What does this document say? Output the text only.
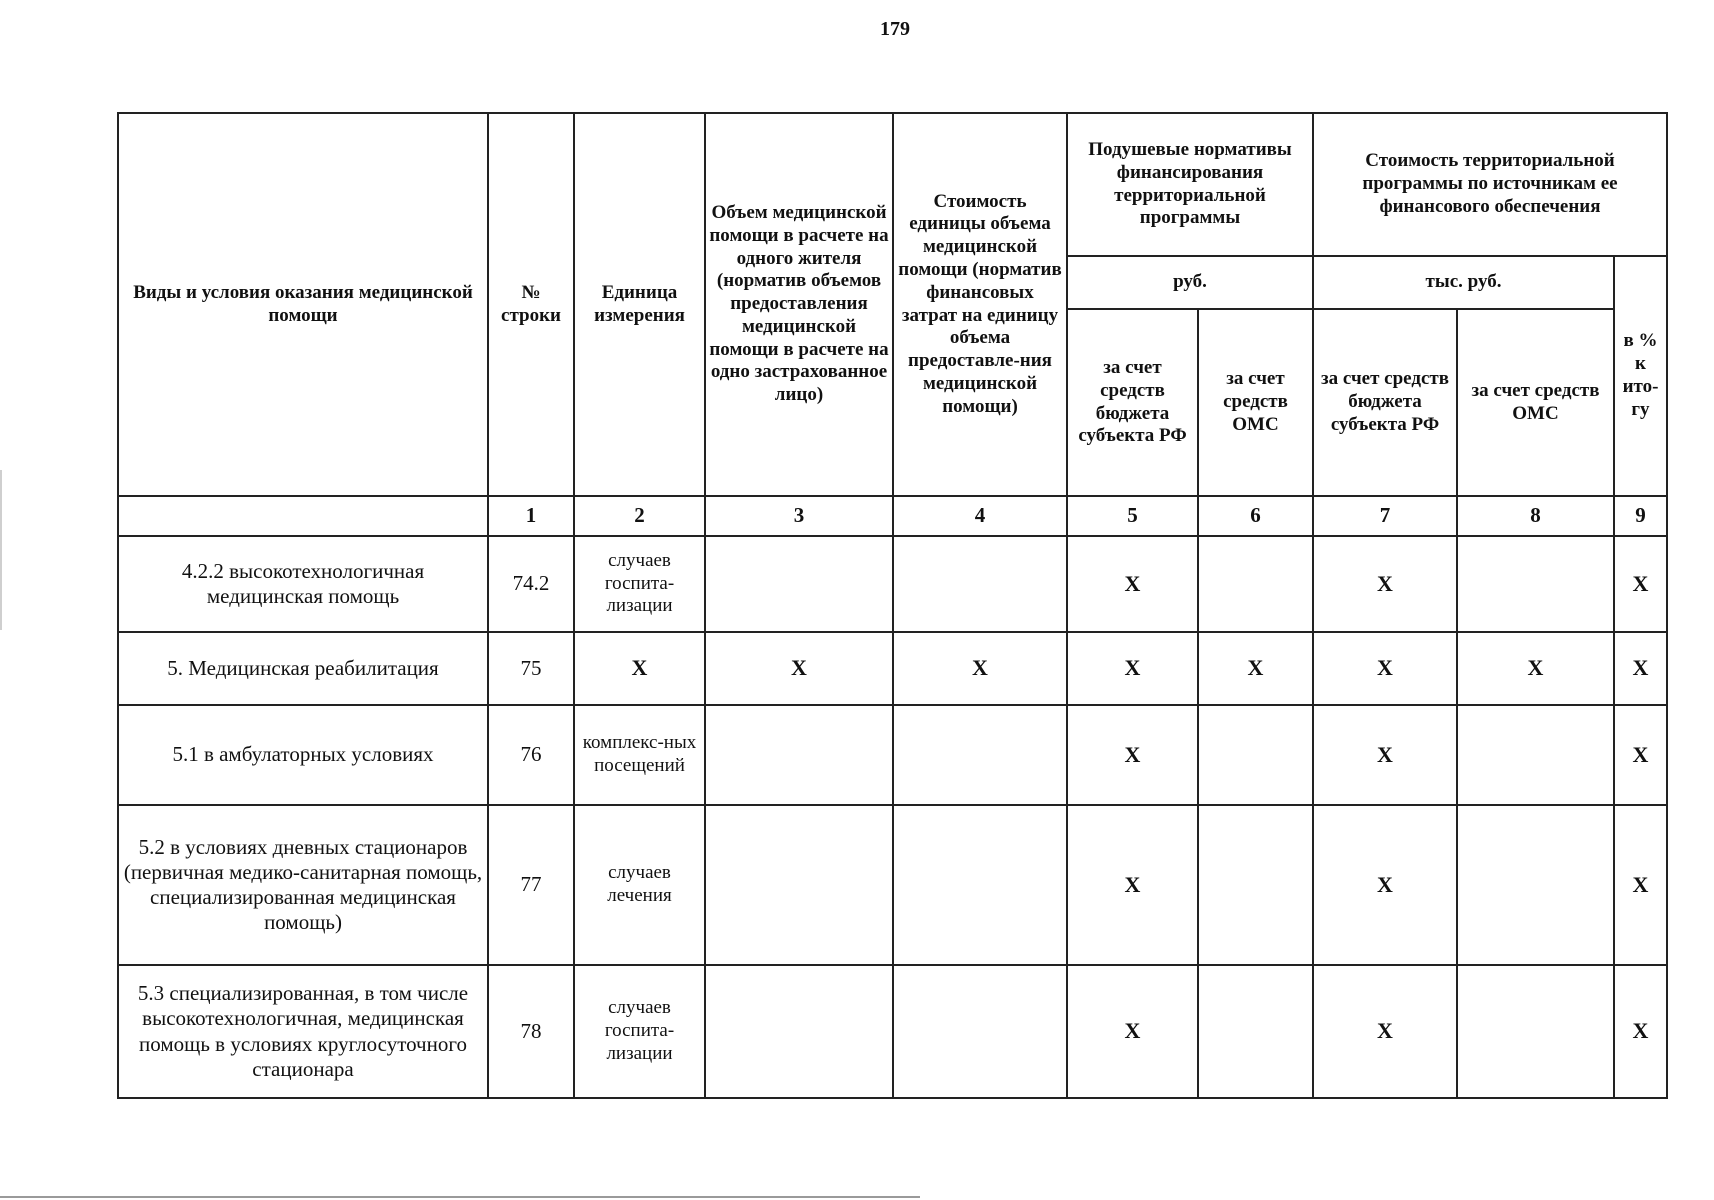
179
Виды и условия оказания медицинской помощи	№ строки	Единица измерения	Объем медицинской помощи в расчете на одного жителя (норматив объемов предоставления медицинской помощи в расчете на одно застрахованное лицо)	Стоимость единицы объема медицинской помощи (норматив финансовых затрат на единицу объема предоставле-ния медицинской помощи)	Подушевые нормативы финансирования территориальной программы		Стоимость территориальной программы по источникам ее финансового обеспечения		
					руб.		тыс. руб.		в % к ито-гу
					за счет средств бюджета субъекта РФ	за счет средств ОМС	за счет средств бюджета субъекта РФ	за счет средств ОМС	
	1	2	3	4	5	6	7	8	9
4.2.2 высокотехнологичная медицинская помощь	74.2	случаев госпита-лизации			Х		Х		Х
5. Медицинская реабилитация	75	Х	Х	Х	Х	Х	Х	Х	Х
5.1 в амбулаторных условиях	76	комплекс-ных посещений			Х		Х		Х
5.2 в условиях дневных стационаров (первичная медико-санитарная помощь, специализированная медицинская помощь)	77	случаев лечения			Х		Х		Х
5.3 специализированная, в том числе высокотехнологичная, медицинская помощь в условиях круглосуточного стационара	78	случаев госпита-лизации			Х		Х		Х
